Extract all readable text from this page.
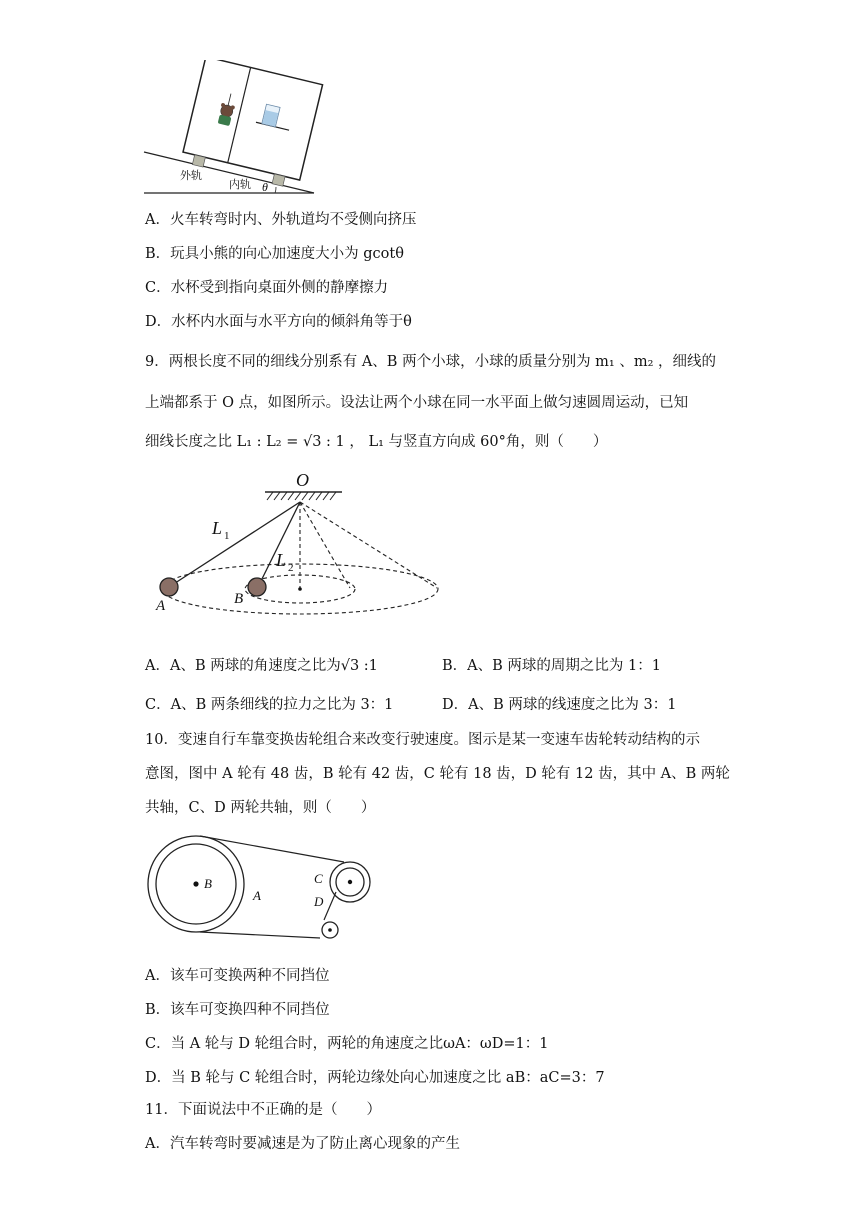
外轨
内轨 θ
A．火车转弯时内、外轨道均不受侧向挤压
B．玩具小熊的向心加速度大小为 gcotθ
C．水杯受到指向桌面外侧的静摩擦力
D．水杯内水面与水平方向的倾斜角等于θ
9．两根长度不同的细线分别系有 A、B 两个小球，小球的质量分别为 m₁ 、m₂ ，细线的
上端都系于 O 点，如图所示。设法让两个小球在同一水平面上做匀速圆周运动，已知
细线长度之比 L₁ : L₂ = √3 : 1 ， L₁ 与竖直方向成 60°角，则（　　）
O
L 1
L 2
A	B
A．A、B 两球的角速度之比为√3 :1	B．A、B 两球的周期之比为 1：1
C．A、B 两条细线的拉力之比为 3：1	D．A、B 两球的线速度之比为 3：1
10．变速自行车靠变换齿轮组合来改变行驶速度。图示是某一变速车齿轮转动结构的示
意图，图中 A 轮有 48 齿，B 轮有 42 齿，C 轮有 18 齿，D 轮有 12 齿，其中 A、B 两轮
共轴，C、D 两轮共轴，则（　　）
B
A
C
D
A．该车可变换两种不同挡位
B．该车可变换四种不同挡位
C．当 A 轮与 D 轮组合时，两轮的角速度之比ωA：ωD=1：1
D．当 B 轮与 C 轮组合时，两轮边缘处向心加速度之比 aB：aC=3：7
11．下面说法中不正确的是（　　）
A．汽车转弯时要减速是为了防止离心现象的产生
